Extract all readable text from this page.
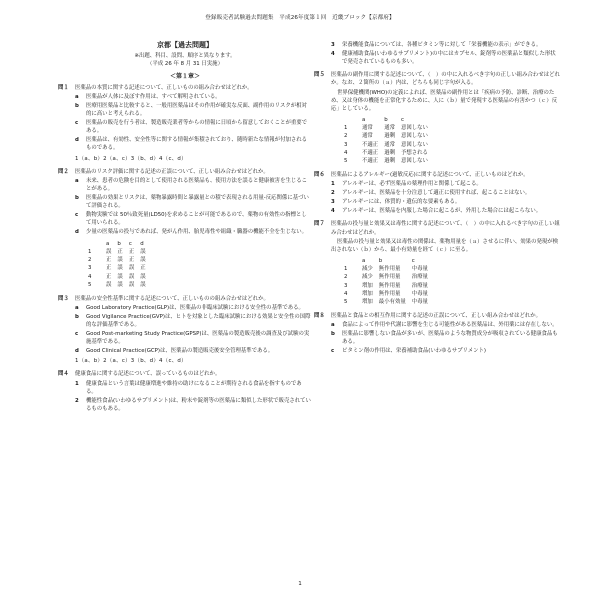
登録販売者試験過去問題集　平成26年度第１回　近畿ブロック【京都府】
京都【過去問題】

※出題、科目、設問、順序と異なります。

（平成 26 年 8 月 31 日実施）

＜第１章＞
問１	医薬品の本質に関する記述について、正しいものの組み合わせはどれか。
a	医薬品が人体に及ぼす作用は、すべて解明されている。
b	医療用医薬品と比較すると、一般用医薬品はその作用が確実な反面、副作用のリスクが相対的に高いと考えられる。
c	医薬品の販売を行う者は、製造販売業者等からの情報に日頃から留意しておくことが重要である。
d	医薬品は、有効性、安全性等に関する情報が集積されており、随時新たな情報が付加されるものである。
1（a、b）2（a、c）3（b、d）4（c、d）
問２	医薬品のリスク評価に関する記述の正誤について、正しい組み合わせはどれか。
a	未来、患者の危険を目的として使用される医薬品も、使用方法を誤ると健康被害を生じることがある。
b	医薬品の効果とリスクは、薬物暴露時間と暴露量との積で表現される用量‐反応関係に基づいて評価される。
c	動物実験では 50％致死量(LD50)を求めることが可能であるので、薬物の有効性の指標として用いられる。
d	少量の医薬品の投与であれば、発がん作用、胎児毒性や組織・臓器の機能不全を生じない。
	a	b	c	d
1	誤	正	正	誤
2	正	誤	正	誤
3	正	誤	誤	正
4	正	誤	誤	誤
5	誤	誤	誤	誤
問３	医薬品の安全性基準に関する記述について、正しいものの組み合わせはどれか。
a	Good Laboratory Practice(GLP)は、医薬品の非臨床試験における安全性の基準である。
b	Good Vigilance Practice(GVP)は、ヒトを対象とした臨床試験における効果と安全性の国際的な評価基準である。
c	Good Post-marketing Study Practice(GPSP)は、医薬品の製造販売後の調査及び試験の実施基準である。
d	Good Clinical Practice(GCP)は、医薬品の製造販売後安全管理基準である。
1（a、b）2（a、c）3（b、d）4（c、d）
問４	健康食品に関する記述について、誤っているものはどれか。
1	健康食品という言葉は健康増進や維持の助けになることが期待される食品を指すものである。
2	機能性食品(いわゆるサプリメント)は、粉末や錠剤等の医薬品に類似した形状で販売されているものもある。
3	栄養機能食品については、各種ビタミン等に対して「栄養機能の表示」ができる。
4	健康補助食品(いわゆるサプリメント)の中にはカプセル、錠剤等の医薬品と類似した形状で発売されているものも多い。
問５	医薬品の副作用に関する記述について、（　）の中に入れるべき字句の正しい組み合わせはどれか。なお、２箇所の（ａ）内は、どちらも同じ字句が入る。
世界保健機関(WHO)の定義によれば、医薬品の副作用とは「疾病の予防、診断、治療のため、又は身体の機能を正常化するために、人に（ｂ）量で発現する医薬品の有害かつ（ｃ）反応」としている。
	a	b	c
1	通常	通常	意図しない
2	通常	過剰	意図しない
3	不適正	通常	意図しない
4	不適正	過剰	予想される
5	不適正	過剰	意図しない
問６	医薬品によるアレルギー(過敏反応)に関する記述について、正しいものはどれか。
1	アレルギーは、必ず医薬品の薬理作用と関係して起こる。
2	アレルギーは、医薬品を十分注意して適正に使用すれば、起こることはない。
3	アレルギーには、体質的・遺伝的な要素もある。
4	アレルギーは、医薬品を内服した場合に起こるが、外用した場合には起こらない。
問７	医薬品の投与量と効果又は毒性に関する記述について、（　）の中に入れるべき字句の正しい組み合わせはどれか。
医薬品の投与量と効果又は毒性の関係は、薬物用量を（ａ）させるに伴い、効果の発現が検出されない（ｂ）から、最小有効量を経て（ｃ）に至る。
	a	b	c
1	減少	無作用量	中毒量
2	減少	無作用量	治療量
3	増加	無作用量	治療量
4	増加	無作用量	中毒量
5	増加	最小有効量	中毒量
問８	医薬品と食品との相互作用に関する記述の正誤について、正しい組み合わせはどれか。
a	食品によって作用や代謝に影響を生じる可能性がある医薬品は、外用薬には存在しない。
b	医薬品に影響しない食品が多いが、医薬品のような物質成分が吸収されている健康食品もある。
c	ビタミン剤の作用は、栄養補助食品(いわゆるサプリメント)
1
